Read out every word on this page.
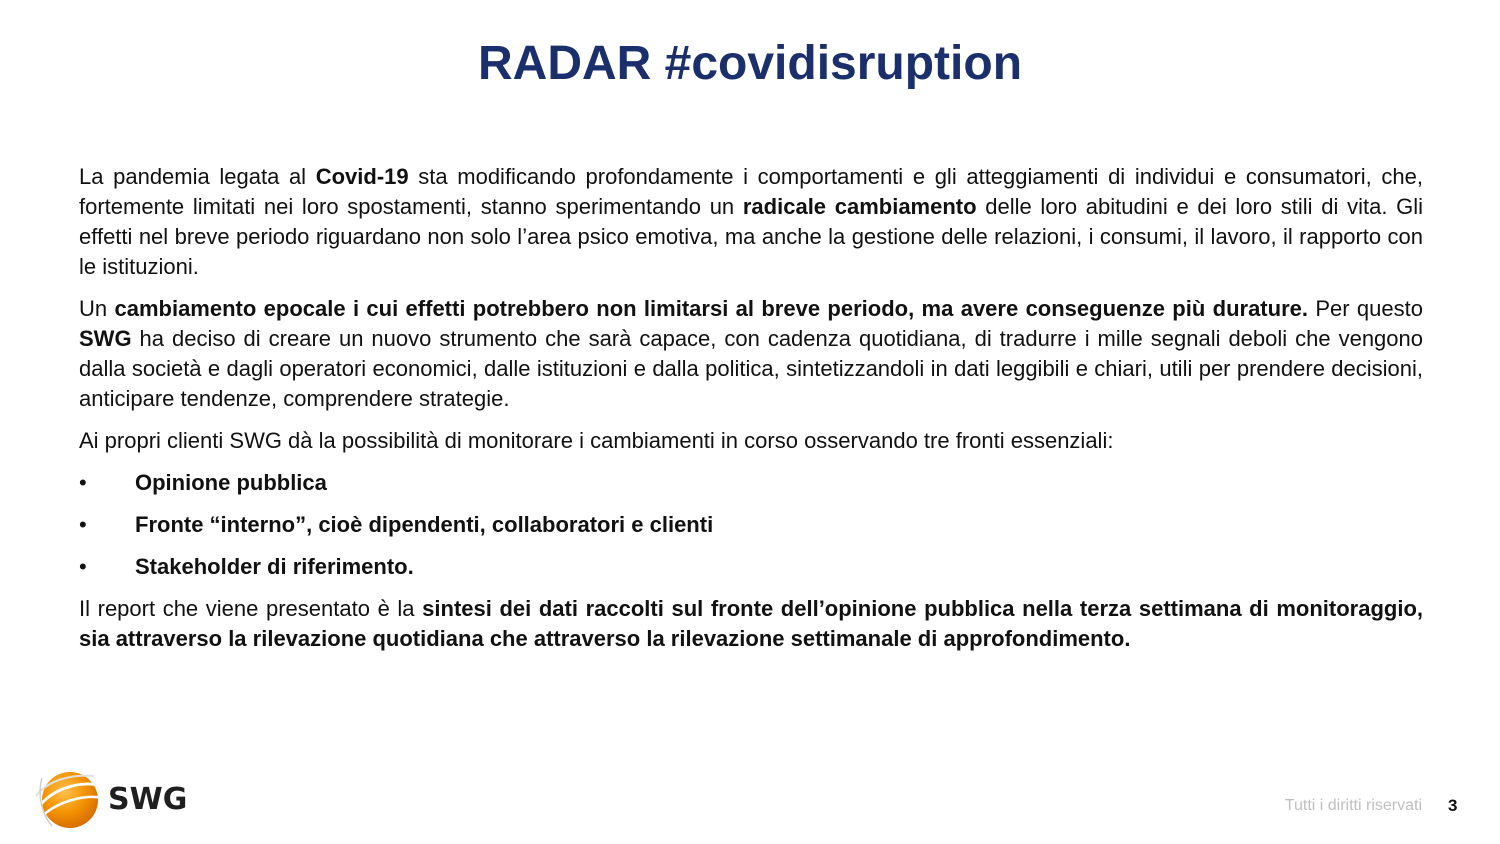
RADAR #covidisruption

La pandemia legata al Covid-19 sta modificando profondamente i comportamenti e gli atteggiamenti di individui e consumatori, che, fortemente limitati nei loro spostamenti, stanno sperimentando un radicale cambiamento delle loro abitudini e dei loro stili di vita. Gli effetti nel breve periodo riguardano non solo l’area psico emotiva, ma anche la gestione delle relazioni, i consumi, il lavoro, il rapporto con le istituzioni.

Un cambiamento epocale i cui effetti potrebbero non limitarsi al breve periodo, ma avere conseguenze più durature. Per questo SWG ha deciso di creare un nuovo strumento che sarà capace, con cadenza quotidiana, di tradurre i mille segnali deboli che vengono dalla società e dagli operatori economici, dalle istituzioni e dalla politica, sintetizzandoli in dati leggibili e chiari, utili per prendere decisioni, anticipare tendenze, comprendere strategie.

Ai propri clienti SWG dà la possibilità di monitorare i cambiamenti in corso osservando tre fronti essenziali:

•	Opinione pubblica
•	Fronte “interno”, cioè dipendenti, collaboratori e clienti
•	Stakeholder di riferimento.

Il report che viene presentato è la sintesi dei dati raccolti sul fronte dell’opinione pubblica nella terza settimana di monitoraggio, sia attraverso la rilevazione quotidiana che attraverso la rilevazione settimanale di approfondimento.

SWG	Tutti i diritti riservati 3
